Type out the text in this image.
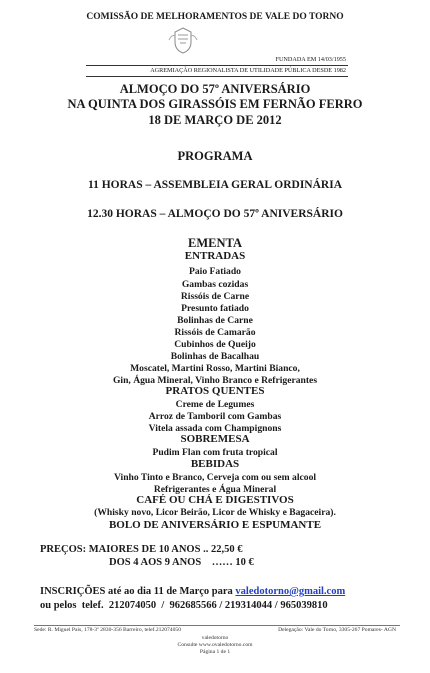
COMISSÃO DE MELHORAMENTOS DE VALE DO TORNO
FUNDADA EM 14/03/1955
AGREMIAÇÃO REGIONALISTA DE UTILIDADE PÚBLICA DESDE 1982
ALMOÇO DO 57º ANIVERSÁRIO
NA QUINTA DOS GIRASSÓIS EM FERNÃO FERRO
18 DE MARÇO DE 2012
PROGRAMA
11 HORAS – ASSEMBLEIA GERAL ORDINÁRIA
12.30 HORAS – ALMOÇO DO 57º ANIVERSÁRIO
EMENTA
ENTRADAS
Paio Fatiado
Gambas cozidas
Rissóis de Carne
Presunto fatiado
Bolinhas de Carne
Rissóis de Camarão
Cubinhos de Queijo
Bolinhas de Bacalhau
Moscatel, Martini Rosso, Martini Bianco,
Gin, Água Mineral, Vinho Branco e Refrigerantes
PRATOS QUENTES
Creme de Legumes
Arroz de Tamboril com Gambas
Vitela assada com Champignons
SOBREMESA
Pudim Flan com fruta tropical
BEBIDAS
Vinho Tinto e Branco, Cerveja com ou sem alcool
Refrigerantes e Água Mineral
CAFÉ OU CHÁ E DIGESTIVOS
(Whisky novo, Licor Beirão, Licor de Whisky e Bagaceira).
BOLO DE ANIVERSÁRIO E ESPUMANTE
PREÇOS: MAIORES DE 10 ANOS .. 22,50 €
DOS 4 AOS 9 ANOS    …… 10 €
INSCRIÇÕES até ao dia 11 de Março para valedotorno@gmail.com
ou pelos  telef.  212074050  /  962685566 / 219314044 / 965039810
Sede: R. Miguel Pais, 178-3º 2830-356 Barreiro, telef.212074050	Delegação: Vale do Torno, 3305-267 Pomares- AGN
valedotorno
Consulte www.ovaledotorno.com
Página 1 de 1
